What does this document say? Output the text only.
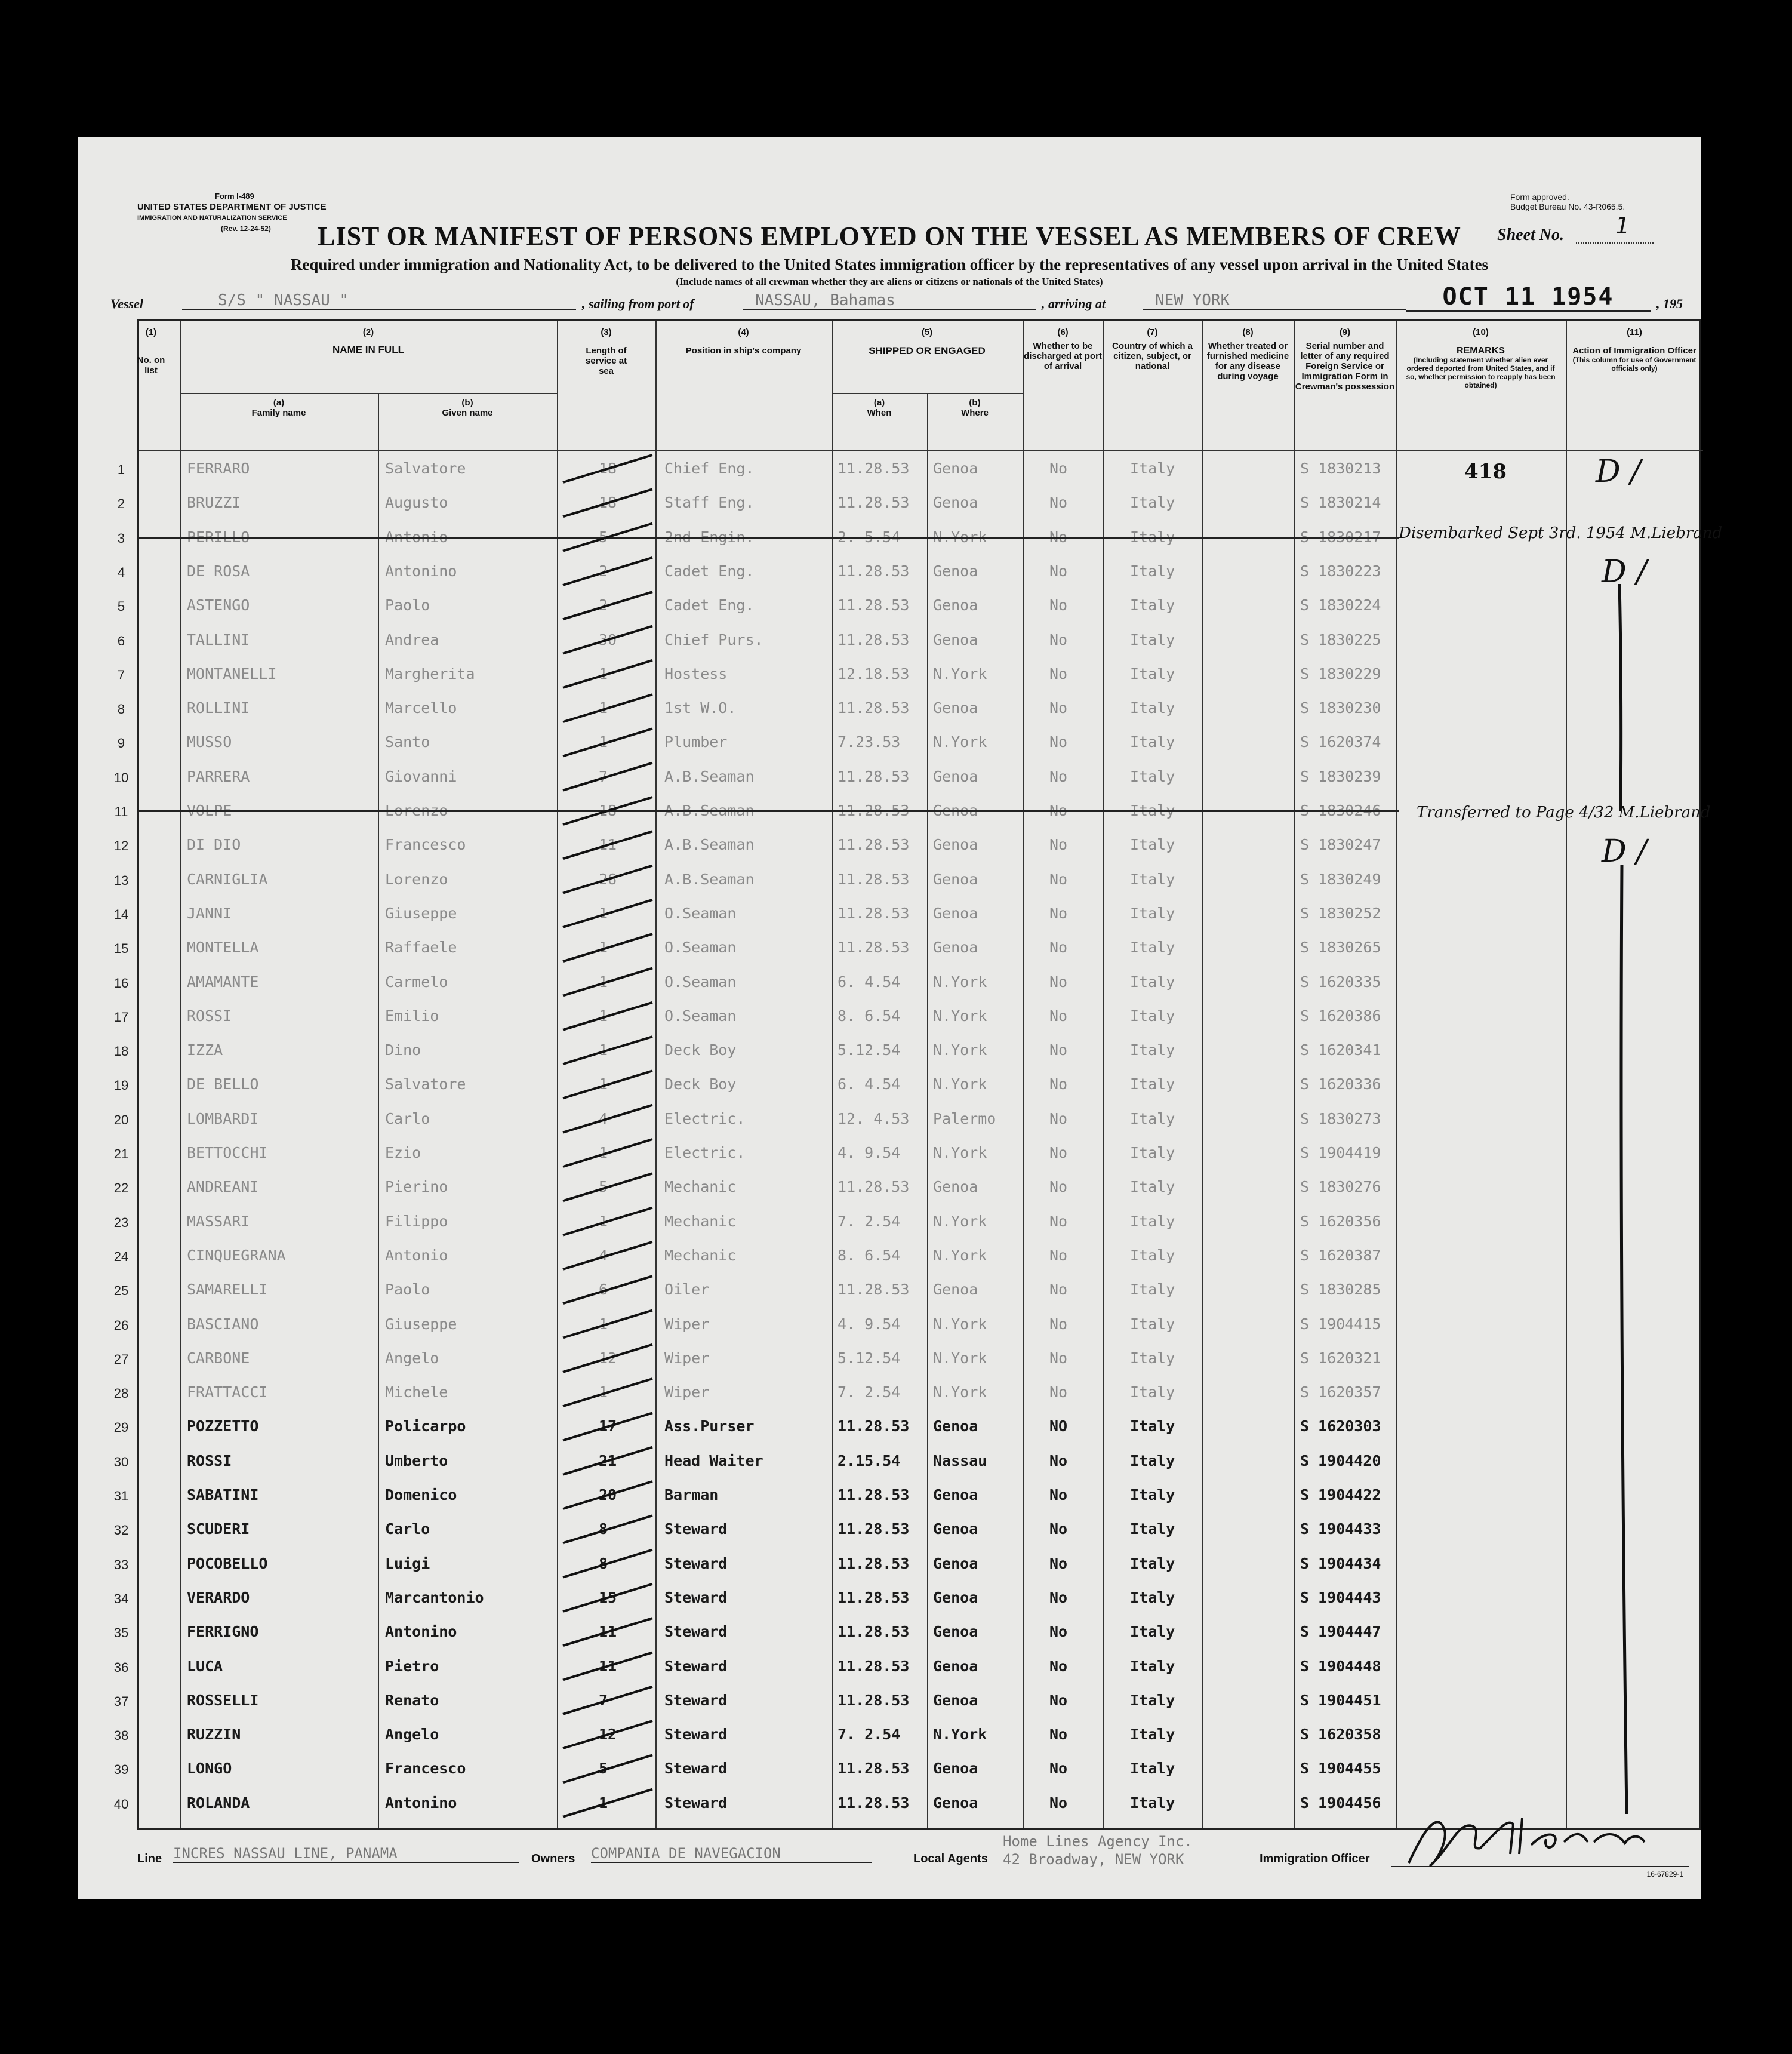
Form I-489
UNITED STATES DEPARTMENT OF JUSTICE
IMMIGRATION AND NATURALIZATION SERVICE
(Rev. 12-24-52)
Form approved.
Budget Bureau No. 43-R065.5.
LIST OR MANIFEST OF PERSONS EMPLOYED ON THE VESSEL AS MEMBERS OF CREW	Sheet No. 1
Required under immigration and Nationality Act, to be delivered to the United States immigration officer by the representatives of any vessel upon arrival in the United States
(Include names of all crewman whether they are aliens or citizens or nationals of the United States)
Vessel	S/S " NASSAU "	, sailing from port of	NASSAU, Bahamas	, arriving at	NEW YORK	OCT 11 1954	, 195
(1)
No. on list
(2)
NAME IN FULL
(a)
Family name
(b)
Given name
(3)
Length of service at sea
(4)
Position in ship's company
(5)
SHIPPED OR ENGAGED
(a)
When
(b)
Where
(6)
Whether to be discharged at port of arrival
(7)
Country of which a citizen, subject, or national
(8)
Whether treated or furnished medicine for any disease during voyage
(9)
Serial number and letter of any required Foreign Service or Immigration Form in Crewman's possession
(10)
REMARKS
(Including statement whether alien ever ordered deported from United States, and if so, whether permission to reapply has been obtained)
(11)
Action of Immigration Officer
(This column for use of Government officials only)
1	FERRARO	Salvatore	18	Chief Eng.	11.28.53 Genoa	No	Italy	S 1830213
2	BRUZZI	Augusto	18	Staff Eng.	11.28.53 Genoa	No	Italy	S 1830214
3	PERILLO	Antonio	5	2nd Engin.	2. 5.54 N.York	No	Italy	S 1830217
4	DE ROSA	Antonino	2	Cadet Eng.	11.28.53 Genoa	No	Italy	S 1830223
5	ASTENGO	Paolo	2	Cadet Eng.	11.28.53 Genoa	No	Italy	S 1830224
6	TALLINI	Andrea	30	Chief Purs.	11.28.53 Genoa	No	Italy	S 1830225
7	MONTANELLI	Margherita	1	Hostess	12.18.53 N.York	No	Italy	S 1830229
8	ROLLINI	Marcello	1	1st W.O.	11.28.53 Genoa	No	Italy	S 1830230
9	MUSSO	Santo	1	Plumber	7.23.53 N.York	No	Italy	S 1620374
10	PARRERA	Giovanni	7	A.B.Seaman	11.28.53 Genoa	No	Italy	S 1830239
11	VOLPE	Lorenzo	18	A.B.Seaman	11.28.53 Genoa	No	Italy	S 1830246
12	DI DIO	Francesco	11	A.B.Seaman	11.28.53 Genoa	No	Italy	S 1830247
13	CARNIGLIA	Lorenzo	26	A.B.Seaman	11.28.53 Genoa	No	Italy	S 1830249
14	JANNI	Giuseppe	1	O.Seaman	11.28.53 Genoa	No	Italy	S 1830252
15	MONTELLA	Raffaele	1	O.Seaman	11.28.53 Genoa	No	Italy	S 1830265
16	AMAMANTE	Carmelo	1	O.Seaman	6. 4.54 N.York	No	Italy	S 1620335
17	ROSSI	Emilio	1	O.Seaman	8. 6.54 N.York	No	Italy	S 1620386
18	IZZA	Dino	1	Deck Boy	5.12.54 N.York	No	Italy	S 1620341
19	DE BELLO	Salvatore	1	Deck Boy	6. 4.54 N.York	No	Italy	S 1620336
20	LOMBARDI	Carlo	4	Electric.	12. 4.53 Palermo	No	Italy	S 1830273
21	BETTOCCHI	Ezio	1	Electric.	4. 9.54 N.York	No	Italy	S 1904419
22	ANDREANI	Pierino	5	Mechanic	11.28.53 Genoa	No	Italy	S 1830276
23	MASSARI	Filippo	1	Mechanic	7. 2.54 N.York	No	Italy	S 1620356
24	CINQUEGRANA	Antonio	4	Mechanic	8. 6.54 N.York	No	Italy	S 1620387
25	SAMARELLI	Paolo	6	Oiler	11.28.53 Genoa	No	Italy	S 1830285
26	BASCIANO	Giuseppe	1	Wiper	4. 9.54 N.York	No	Italy	S 1904415
27	CARBONE	Angelo	12	Wiper	5.12.54 N.York	No	Italy	S 1620321
28	FRATTACCI	Michele	1	Wiper	7. 2.54 N.York	No	Italy	S 1620357
29	POZZETTO	Policarpo	17	Ass.Purser	11.28.53 Genoa	NO	Italy	S 1620303
30	ROSSI	Umberto	21	Head Waiter	2.15.54 Nassau	No	Italy	S 1904420
31	SABATINI	Domenico	20	Barman	11.28.53 Genoa	No	Italy	S 1904422
32	SCUDERI	Carlo	8	Steward	11.28.53 Genoa	No	Italy	S 1904433
33	POCOBELLO	Luigi	8	Steward	11.28.53 Genoa	No	Italy	S 1904434
34	VERARDO	Marcantonio	15	Steward	11.28.53 Genoa	No	Italy	S 1904443
35	FERRIGNO	Antonino	11	Steward	11.28.53 Genoa	No	Italy	S 1904447
36	LUCA	Pietro	11	Steward	11.28.53 Genoa	No	Italy	S 1904448
37	ROSSELLI	Renato	7	Steward	11.28.53 Genoa	No	Italy	S 1904451
38	RUZZIN	Angelo	12	Steward	7. 2.54 N.York	No	Italy	S 1620358
39	LONGO	Francesco	5	Steward	11.28.53 Genoa	No	Italy	S 1904455
40	ROLANDA	Antonino	1	Steward	11.28.53 Genoa	No	Italy	S 1904456
418	D /
D /
D /
Disembarked Sept 3rd. 1954 M.Liebrand
Transferred to Page 4/32 M.Liebrand
Line INCRES NASSAU LINE, PANAMA	Owners COMPANIA DE NAVEGACION	Local Agents
Home Lines Agency Inc.
42 Broadway, NEW YORK	Immigration Officer
16-67829-1
